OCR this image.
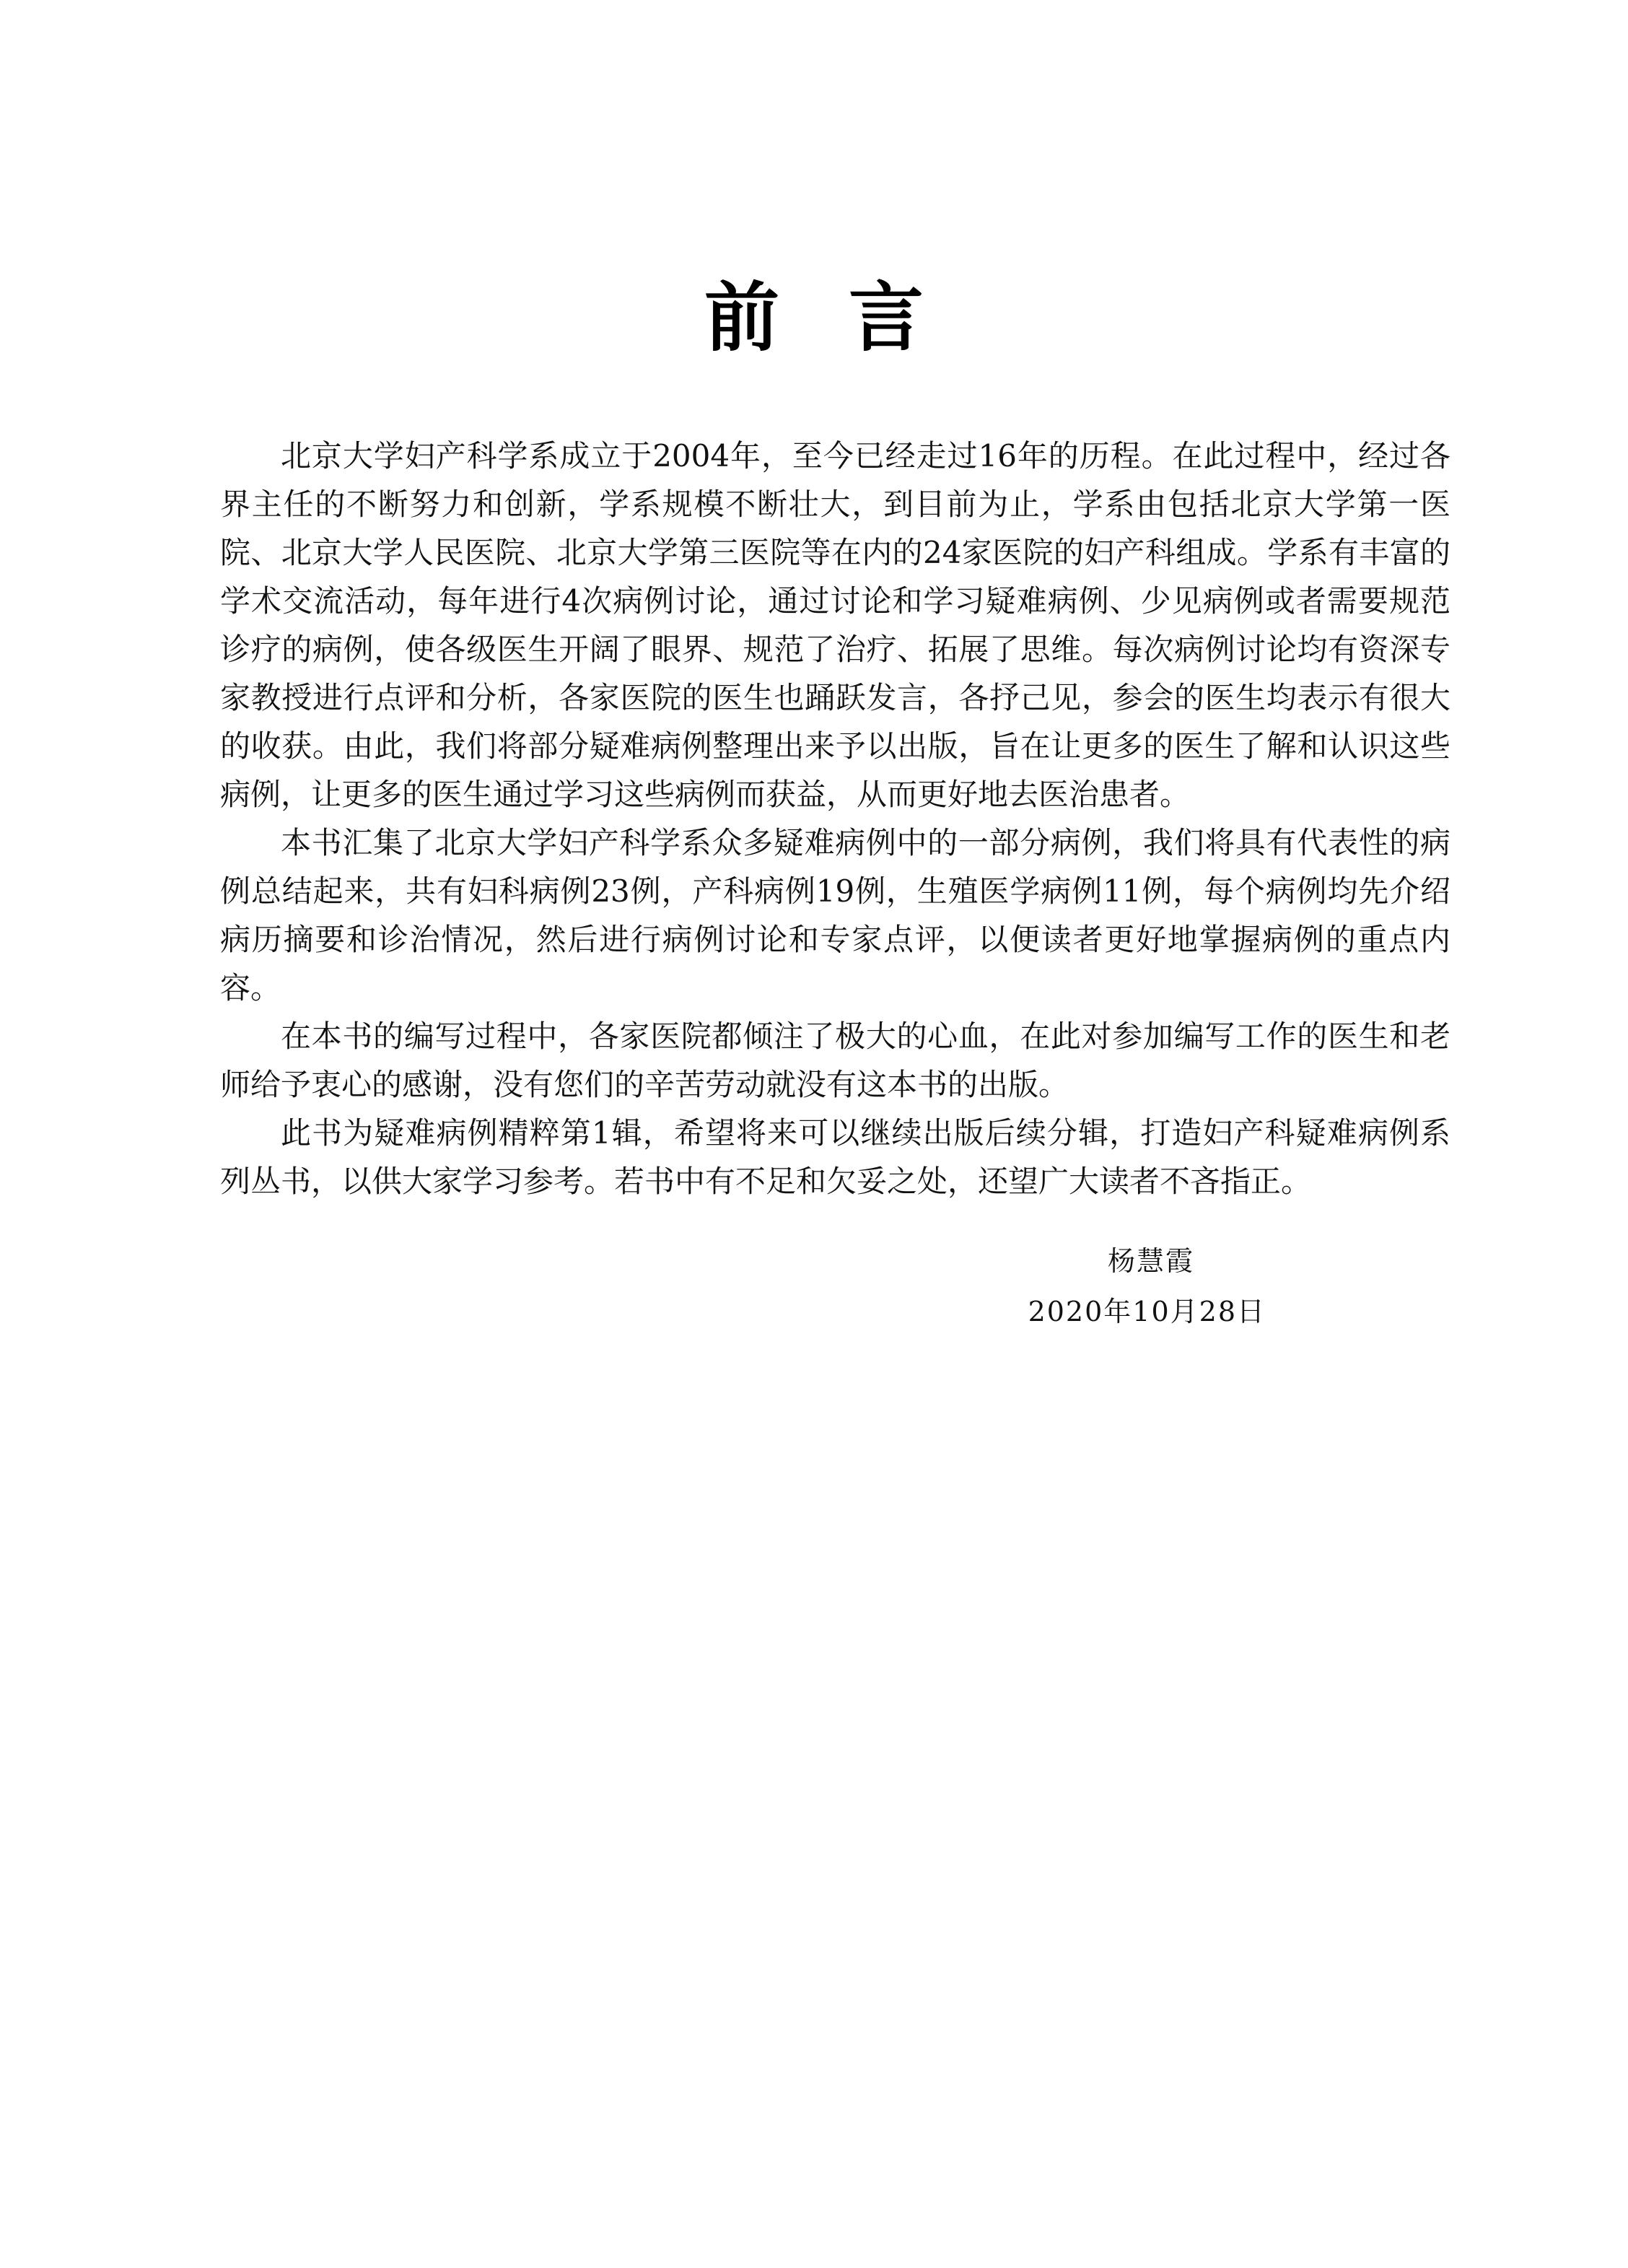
前言

北京大学妇产科学系成立于2004年，至今已经走过16年的历程。在此过程中，经过各界主任的不断努力和创新，学系规模不断壮大，到目前为止，学系由包括北京大学第一医院、北京大学人民医院、北京大学第三医院等在内的24家医院的妇产科组成。学系有丰富的学术交流活动，每年进行4次病例讨论，通过讨论和学习疑难病例、少见病例或者需要规范诊疗的病例，使各级医生开阔了眼界、规范了治疗、拓展了思维。每次病例讨论均有资深专家教授进行点评和分析，各家医院的医生也踊跃发言，各抒己见，参会的医生均表示有很大的收获。由此，我们将部分疑难病例整理出来予以出版，旨在让更多的医生了解和认识这些病例，让更多的医生通过学习这些病例而获益，从而更好地去医治患者。

本书汇集了北京大学妇产科学系众多疑难病例中的一部分病例，我们将具有代表性的病例总结起来，共有妇科病例23例，产科病例19例，生殖医学病例11例，每个病例均先介绍病历摘要和诊治情况，然后进行病例讨论和专家点评，以便读者更好地掌握病例的重点内容。

在本书的编写过程中，各家医院都倾注了极大的心血，在此对参加编写工作的医生和老师给予衷心的感谢，没有您们的辛苦劳动就没有这本书的出版。

此书为疑难病例精粹第1辑，希望将来可以继续出版后续分辑，打造妇产科疑难病例系列丛书，以供大家学习参考。若书中有不足和欠妥之处，还望广大读者不吝指正。

杨慧霞
2020年10月28日
